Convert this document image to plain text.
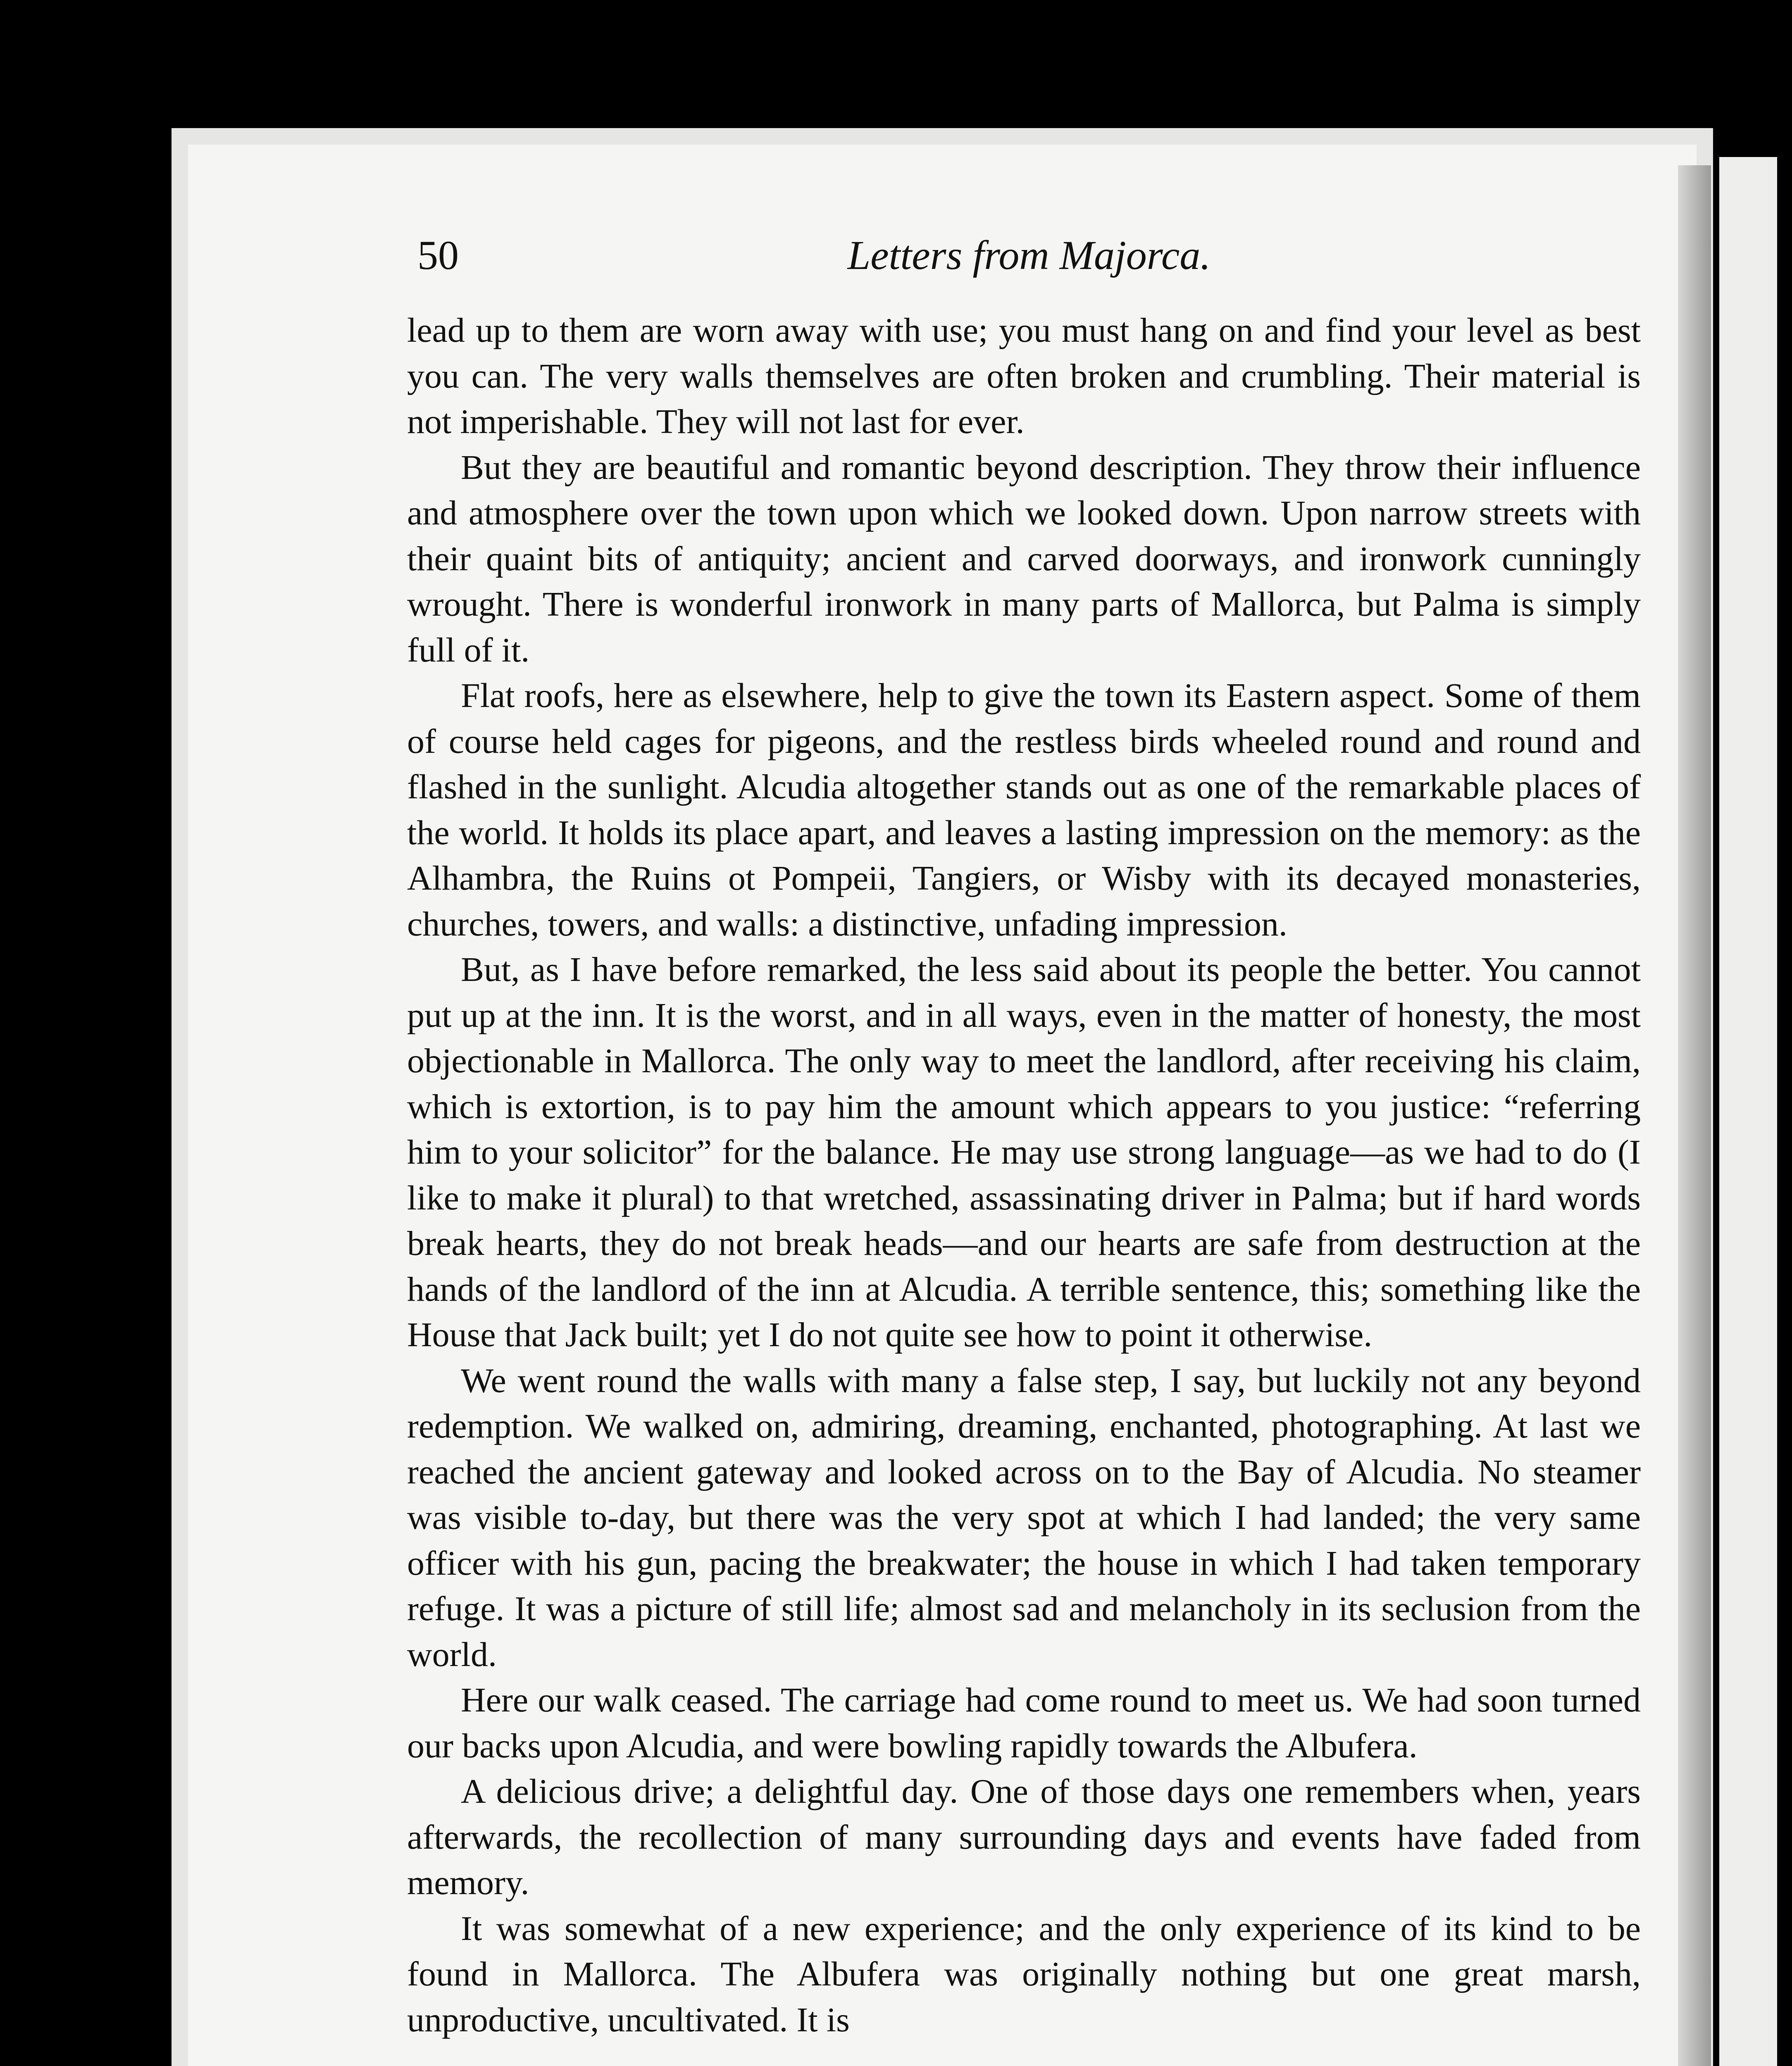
50	Letters from Majorca.

lead up to them are worn away with use; you must hang on and find your level as best you can. The very walls themselves are often broken and crumbling. Their material is not imperishable. They will not last for ever.

But they are beautiful and romantic beyond description. They throw their influence and atmosphere over the town upon which we looked down. Upon narrow streets with their quaint bits of antiquity; ancient and carved doorways, and ironwork cunningly wrought. There is wonderful ironwork in many parts of Mallorca, but Palma is simply full of it.

Flat roofs, here as elsewhere, help to give the town its Eastern aspect. Some of them of course held cages for pigeons, and the restless birds wheeled round and round and flashed in the sunlight. Alcudia altogether stands out as one of the remarkable places of the world. It holds its place apart, and leaves a lasting impression on the memory: as the Alhambra, the Ruins ot Pompeii, Tangiers, or Wisby with its decayed monasteries, churches, towers, and walls: a distinctive, unfading impression.

But, as I have before remarked, the less said about its people the better. You cannot put up at the inn. It is the worst, and in all ways, even in the matter of honesty, the most objectionable in Mallorca. The only way to meet the landlord, after receiving his claim, which is extortion, is to pay him the amount which appears to you justice: “referring him to your solicitor” for the balance. He may use strong language—as we had to do (I like to make it plural) to that wretched, assassinating driver in Palma; but if hard words break hearts, they do not break heads—and our hearts are safe from destruction at the hands of the landlord of the inn at Alcudia. A terrible sentence, this; something like the House that Jack built; yet I do not quite see how to point it otherwise.

We went round the walls with many a false step, I say, but luckily not any beyond redemption. We walked on, admiring, dreaming, enchanted, photographing. At last we reached the ancient gateway and looked across on to the Bay of Alcudia. No steamer was visible to-day, but there was the very spot at which I had landed; the very same officer with his gun, pacing the breakwater; the house in which I had taken temporary refuge. It was a picture of still life; almost sad and melancholy in its seclusion from the world.

Here our walk ceased. The carriage had come round to meet us. We had soon turned our backs upon Alcudia, and were bowling rapidly towards the Albufera.

A delicious drive; a delightful day. One of those days one remembers when, years afterwards, the recollection of many surrounding days and events have faded from memory.

It was somewhat of a new experience; and the only experience of its kind to be found in Mallorca. The Albufera was originally nothing but one great marsh, unproductive, uncultivated. It is
